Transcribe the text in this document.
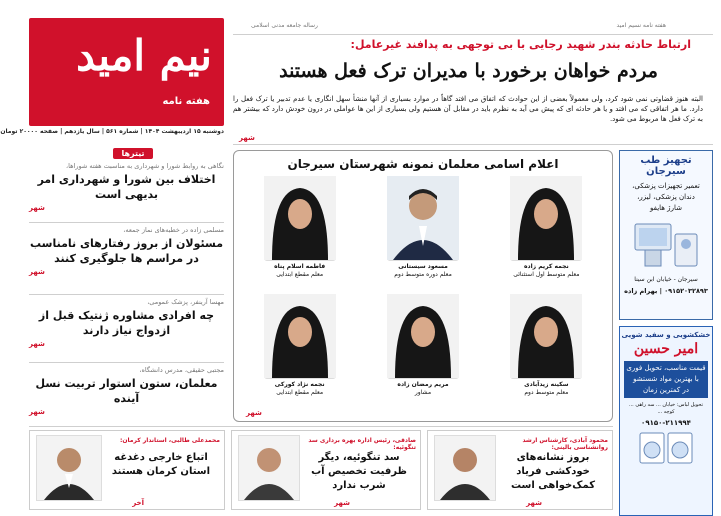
نیم امید
هفته نامه
دوشنبه ۱۵ اردیبهشت ۱۴۰۴ | شماره ۵۶۱ | سال یازدهم | صفحه ۲۰۰۰۰ تومان
هفته نامه نسیم امید
رساله جامعه مدنی اسلامی
ارتباط حادثه بندر شهید رجایی با بی توجهی به پدافند غیرعامل:
مردم خواهان برخورد با مدیران ترک فعل هستند
البته هنوز قضاوتی نمی شود کرد، ولی معمولاً بعضی از این حوادث که اتفاق می افتد گاهاً در موارد بسیاری از آنها منشأ سهل انگاری یا عدم تدبیر یا ترک فعل را دارد. ما هر اتفاقی که می افتد و یا هر حادثه ای که پیش می آید به نظرم باید در مقابل آن هستیم ولی بسیاری از این ها عواملی در درون خودش دارد که بیشتر هم به ترک فعل ها مربوط می شود.
شهر
تیترها
نگاهی به روابط شورا و شهرداری به مناسبت هفته شوراها،
اختلاف بین شورا و شهرداری امر بدیهی است
شهر
مسلمی زاده در خطبه‌های نماز جمعه،
مسئولان از بروز رفتارهای نامناسب در مراسم ها جلوگیری کنند
شهر
مهسا آرینفر، پزشک عمومی،
چه افرادی مشاوره ژنتیک قبل از ازدواج نیاز دارند
شهر
مجتبی حقیقی، مدرس دانشگاه،
معلمان، ستون استوار تربیت نسل آینده
شهر
اعلام اسامی معلمان نمونه شهرستان سیرجان
شهر
نجمه کریم زاده
معلم متوسط اول استثنائی
مسعود سیستانی
معلم دوره متوسط دوم
فاطمه اسلام پناه
معلم مقطع ابتدایی
سکینه زیدآبادی
معلم متوسط دوم
مریم رمضان زاده
مشاور
نجمه نژاد کورکی
معلم مقطع ابتدایی
تجهیز طب سیرجان
تعمیر تجهیزات پزشکی،
دندان پزشکی، لیزر،
شارژ هایفو
سیرجان - خیابان ابن سینا
۰۹۱۵۲۰۳۲۸۹۳ | بهرام زاده
خشکشویی و سفید شویی
امیر حسین
قیمت مناسب، تحویل فوری
با بهترین مواد شستشو
در کمترین زمان
تحویل لباس: خیابان ... سه راهی ... کوچه ...
۰۹۱۵۰-۲۱۱۹۹۴
محمدعلی طالبی، استاندار کرمان:
اتباع خارجی دغدغه استان کرمان هستند
آخر
صادقی، رئیس اداره بهره برداری سد تنگوئیه:
سد تنگوئیه، دیگر ظرفیت تخصیص آب شرب ندارد
شهر
محمود آبادی، کارشناس ارشد روانشناسی بالینی:
بروز نشانه‌های خودکشی فریاد کمک‌خواهی است
شهر
